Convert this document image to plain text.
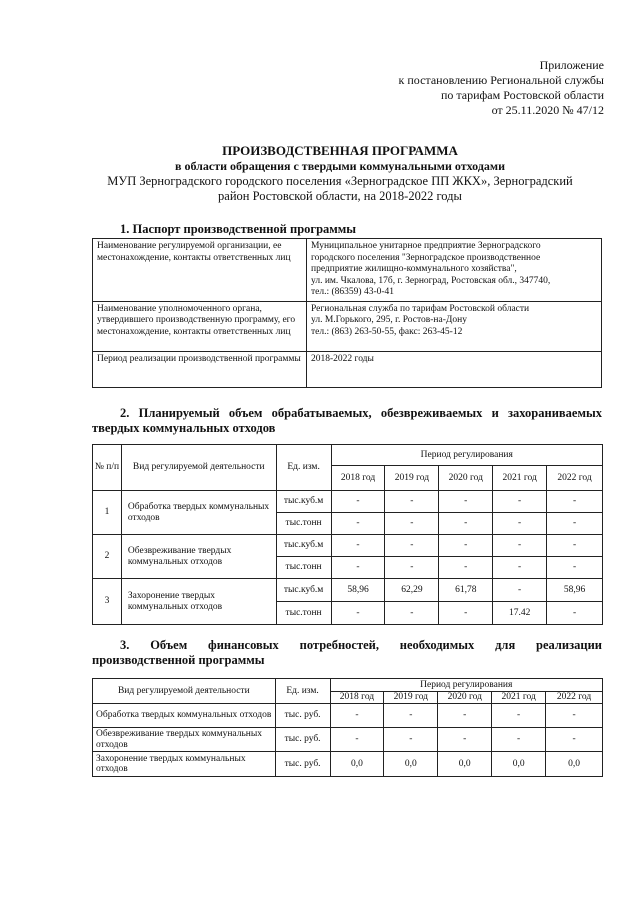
Приложение
к постановлению Региональной службы
по тарифам Ростовской области
от 25.11.2020 № 47/12
ПРОИЗВОДСТВЕННАЯ ПРОГРАММА
в области обращения с твердыми коммунальными отходами
МУП Зерноградского городского поселения «Зерноградское ПП ЖКХ», Зерноградский
район Ростовской области, на 2018-2022 годы
1. Паспорт производственной программы
Наименование регулируемой организации, ее местонахождение, контакты ответственных лиц	Муниципальное унитарное предприятие Зерноградского
городского поселения "Зерноградское производственное
предприятие жилищно-коммунального хозяйства",
ул. им. Чкалова, 17б, г. Зерноград, Ростовская обл., 347740,
тел.: (86359) 43-0-41

Наименование уполномоченного органа, утвердившего производственную программу, его местонахождение, контакты ответственных лиц	Региональная служба по тарифам Ростовской области
ул. М.Горького, 295, г. Ростов-на-Дону
тел.: (863) 263-50-55, факс: 263-45-12

Период реализации производственной программы	2018-2022 годы
2. Планируемый объем обрабатываемых, обезвреживаемых и захораниваемых
твердых коммунальных отходов
№ п/п	Вид регулируемой деятельности	Ед. изм.	Период регулирования				
			2018 год	2019 год	2020 год	2021 год	2022 год
1	Обработка твердых коммунальных отходов	тыс.куб.м	-	-	-	-	-
		тыс.тонн	-	-	-	-	-
2	Обезвреживание твердых коммунальных отходов	тыс.куб.м	-	-	-	-	-
		тыс.тонн	-	-	-	-	-
3	Захоронение твердых коммунальных отходов	тыс.куб.м	58,96	62,29	61,78	-	58,96
		тыс.тонн	-	-	-	17.42	-
3. Объем финансовых потребностей, необходимых для реализации
производственной программы
Вид регулируемой деятельности	Ед. изм.	Период регулирования				
		2018 год	2019 год	2020 год	2021 год	2022 год
Обработка твердых коммунальных отходов	тыс. руб.	-	-	-	-	-
Обезвреживание твердых коммунальных отходов	тыс. руб.	-	-	-	-	-
Захоронение твердых коммунальных отходов	тыс. руб.	0,0	0,0	0,0	0,0	0,0
